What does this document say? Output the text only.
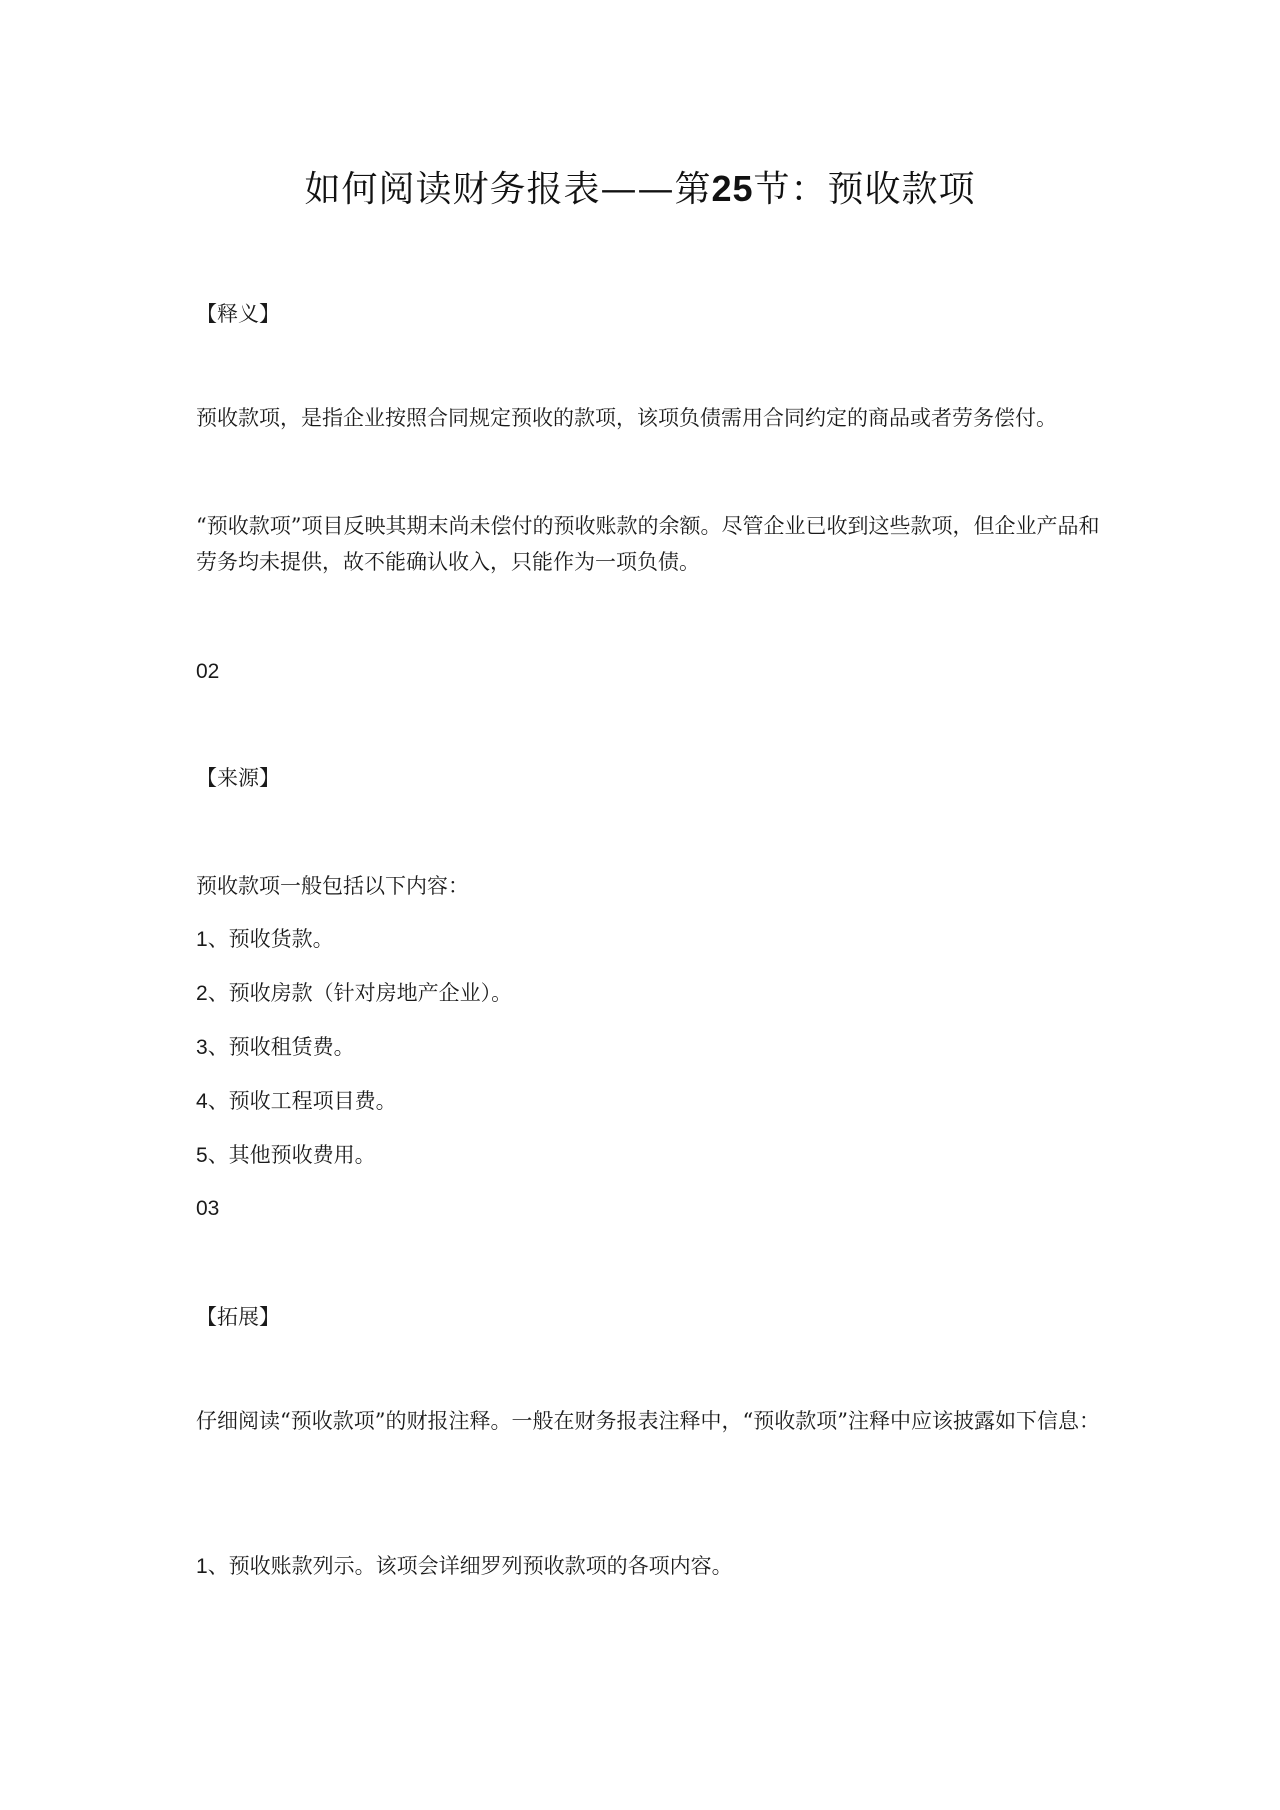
如何阅读财务报表——第25节：预收款项

【释义】

预收款项，是指企业按照合同规定预收的款项，该项负债需用合同约定的商品或者劳务偿付。

“预收款项”项目反映其期末尚未偿付的预收账款的余额。尽管企业已收到这些款项，但企业产品和劳务均未提供，故不能确认收入，只能作为一项负债。

02

【来源】

预收款项一般包括以下内容：

1、预收货款。

2、预收房款（针对房地产企业）。

3、预收租赁费。

4、预收工程项目费。

5、其他预收费用。

03

【拓展】

仔细阅读“预收款项”的财报注释。一般在财务报表注释中，“预收款项”注释中应该披露如下信息：

1、预收账款列示。该项会详细罗列预收款项的各项内容。
